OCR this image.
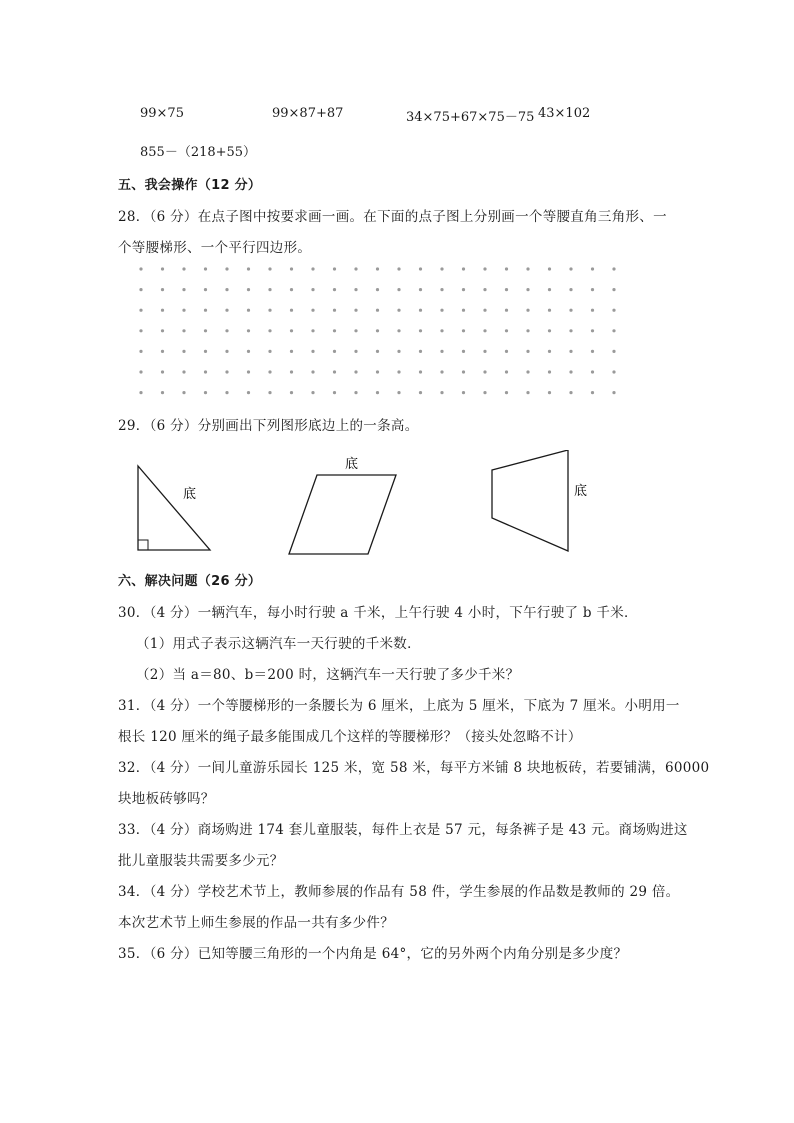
99×75	99×87+87	34×75+67×75－75 43×102
855－（218+55）
五、我会操作（12 分）
28．（6 分）在点子图中按要求画一画。在下面的点子图上分别画一个等腰直角三角形、一
个等腰梯形、一个平行四边形。
29．（6 分）分别画出下列图形底边上的一条高。
底
底
底
六、解决问题（26 分）
30．（4 分）一辆汽车，每小时行驶 a 千米，上午行驶 4 小时，下午行驶了 b 千米．
（1）用式子表示这辆汽车一天行驶的千米数．
（2）当 a＝80、b＝200 时，这辆汽车一天行驶了多少千米？
31．（4 分）一个等腰梯形的一条腰长为 6 厘米，上底为 5 厘米，下底为 7 厘米。小明用一
根长 120 厘米的绳子最多能围成几个这样的等腰梯形？（接头处忽略不计）
32．（4 分）一间儿童游乐园长 125 米，宽 58 米，每平方米铺 8 块地板砖，若要铺满，60000
块地板砖够吗？
33．（4 分）商场购进 174 套儿童服装，每件上衣是 57 元，每条裤子是 43 元。商场购进这
批儿童服装共需要多少元？
34．（4 分）学校艺术节上，教师参展的作品有 58 件，学生参展的作品数是教师的 29 倍。
本次艺术节上师生参展的作品一共有多少件？
35．（6 分）已知等腰三角形的一个内角是 64°，它的另外两个内角分别是多少度？
